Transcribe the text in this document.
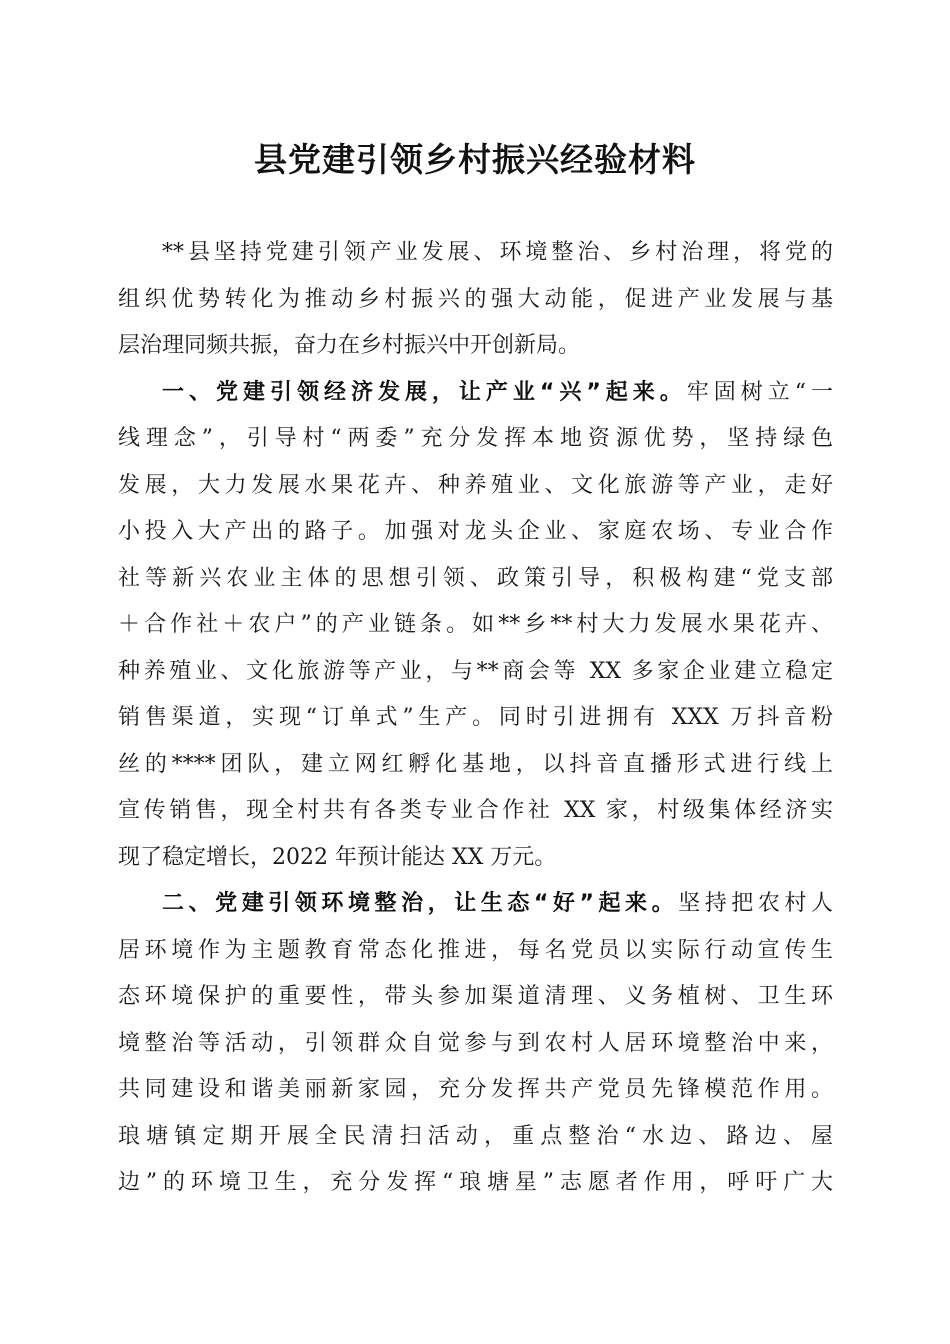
县党建引领乡村振兴经验材料
**县坚持党建引领产业发展、环境整治、乡村治理，将党的
组织优势转化为推动乡村振兴的强大动能，促进产业发展与基
层治理同频共振，奋力在乡村振兴中开创新局。
一、党建引领经济发展，让产业“兴”起来。牢固树立“一
线理念”，引导村“两委”充分发挥本地资源优势，坚持绿色
发展，大力发展水果花卉、种养殖业、文化旅游等产业，走好
小投入大产出的路子。加强对龙头企业、家庭农场、专业合作
社等新兴农业主体的思想引领、政策引导，积极构建“党支部
＋合作社＋农户”的产业链条。如**乡**村大力发展水果花卉、
种养殖业、文化旅游等产业，与**商会等 XX 多家企业建立稳定
销售渠道，实现“订单式”生产。同时引进拥有 XXX 万抖音粉
丝的****团队，建立网红孵化基地，以抖音直播形式进行线上
宣传销售，现全村共有各类专业合作社 XX 家，村级集体经济实
现了稳定增长，2022 年预计能达 XX 万元。
二、党建引领环境整治，让生态“好”起来。坚持把农村人
居环境作为主题教育常态化推进，每名党员以实际行动宣传生
态环境保护的重要性，带头参加渠道清理、义务植树、卫生环
境整治等活动，引领群众自觉参与到农村人居环境整治中来，
共同建设和谐美丽新家园，充分发挥共产党员先锋模范作用。
琅塘镇定期开展全民清扫活动，重点整治“水边、路边、屋
边”的环境卫生，充分发挥“琅塘星”志愿者作用，呼吁广大
